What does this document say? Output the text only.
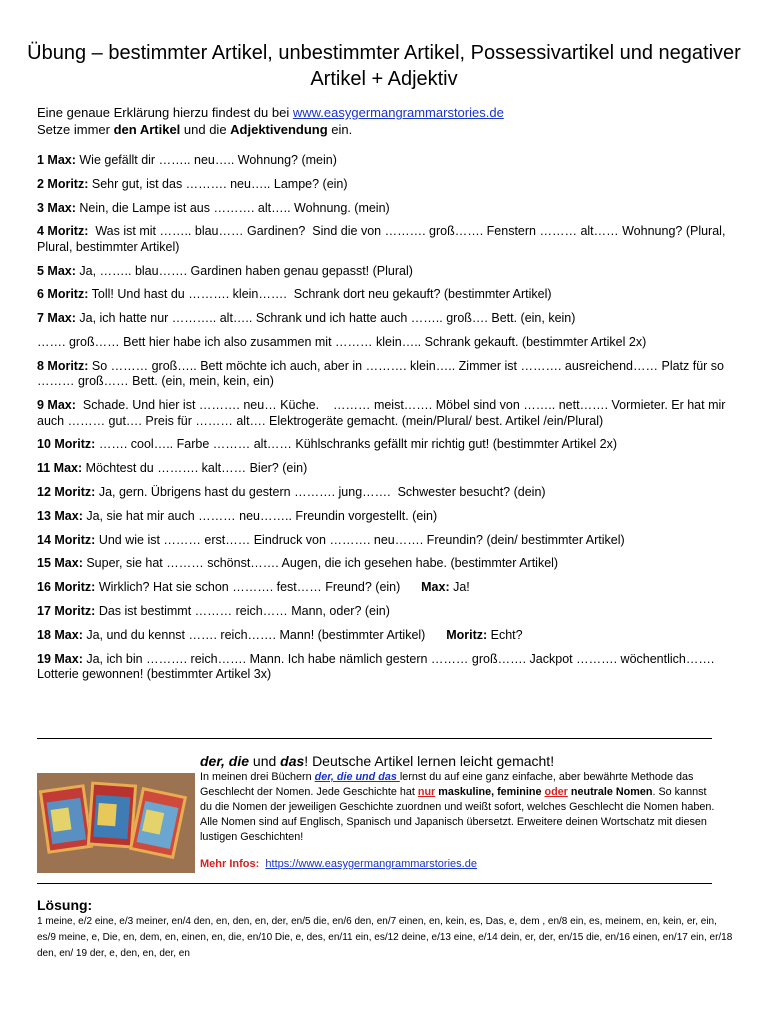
Übung – bestimmter Artikel, unbestimmter Artikel, Possessivartikel und negativer Artikel + Adjektiv
Eine genaue Erklärung hierzu findest du bei www.easygermangrammarstories.de
Setze immer den Artikel und die Adjektivendung ein.

1 Max: Wie gefällt dir …….. neu….. Wohnung? (mein)

2 Moritz: Sehr gut, ist das ………. neu….. Lampe? (ein)

3 Max: Nein, die Lampe ist aus ………. alt….. Wohnung. (mein)

4 Moritz:  Was ist mit …….. blau…… Gardinen?  Sind die von ………. groß……. Fenstern ……… alt…… Wohnung? (Plural, Plural, bestimmter Artikel)

5 Max: Ja, …….. blau……. Gardinen haben genau gepasst! (Plural)

6 Moritz: Toll! Und hast du ………. klein…….  Schrank dort neu gekauft? (bestimmter Artikel)

7 Max: Ja, ich hatte nur ……….. alt….. Schrank und ich hatte auch …….. groß…. Bett. (ein, kein)

……. groß…… Bett hier habe ich also zusammen mit ……… klein….. Schrank gekauft. (bestimmter Artikel 2x)

8 Moritz: So ……… groß….. Bett möchte ich auch, aber in ………. klein….. Zimmer ist ………. ausreichend…… Platz für so ……… groß…… Bett. (ein, mein, kein, ein)

9 Max:  Schade. Und hier ist ………. neu… Küche.    ……… meist……. Möbel sind von …….. nett……. Vormieter. Er hat mir auch ……… gut…. Preis für ……… alt…. Elektrogeräte gemacht. (mein/Plural/ best. Artikel /ein/Plural)

10 Moritz: ……. cool….. Farbe ……… alt…… Kühlschranks gefällt mir richtig gut! (bestimmter Artikel 2x)

11 Max: Möchtest du ………. kalt…… Bier? (ein)

12 Moritz: Ja, gern. Übrigens hast du gestern ………. jung…….  Schwester besucht? (dein)

13 Max: Ja, sie hat mir auch ……… neu…….. Freundin vorgestellt. (ein)

14 Moritz: Und wie ist ……… erst…… Eindruck von ………. neu……. Freundin? (dein/ bestimmter Artikel)

15 Max: Super, sie hat ……… schönst……. Augen, die ich gesehen habe. (bestimmter Artikel)

16 Moritz: Wirklich? Hat sie schon ………. fest…… Freund? (ein)      Max: Ja!

17 Moritz: Das ist bestimmt ……… reich…… Mann, oder? (ein)

18 Max: Ja, und du kennst ……. reich……. Mann! (bestimmter Artikel)      Moritz: Echt?

19 Max: Ja, ich bin ………. reich……. Mann. Ich habe nämlich gestern ……… groß……. Jackpot ………. wöchentlich…….  Lotterie gewonnen! (bestimmter Artikel 3x)

der, die und das! Deutsche Artikel lernen leicht gemacht!
In meinen drei Büchern der, die und das lernst du auf eine ganz einfache, aber bewährte Methode das Geschlecht der Nomen. Jede Geschichte hat nur maskuline, feminine oder neutrale Nomen. So kannst du die Nomen der jeweiligen Geschichte zuordnen und weißt sofort, welches Geschlecht die Nomen haben. Alle Nomen sind auf Englisch, Spanisch und Japanisch übersetzt. Erweitere deinen Wortschatz mit diesen lustigen Geschichten!
Mehr Infos: https://www.easygermangrammarstories.de
Lösung:
1 meine, e/2 eine, e/3 meiner, en/4 den, en, den, en, der, en/5 die, en/6 den, en/7 einen, en, kein, es, Das, e, dem , en/8 ein, es, meinem, en, kein, er, ein, es/9 meine, e, Die, en, dem, en, einen, en, die, en/10 Die, e, des, en/11 ein, es/12 deine, e/13 eine, e/14 dein, er, der, en/15 die, en/16 einen, en/17 ein, er/18 den, en/ 19 der, e, den, en, der, en
